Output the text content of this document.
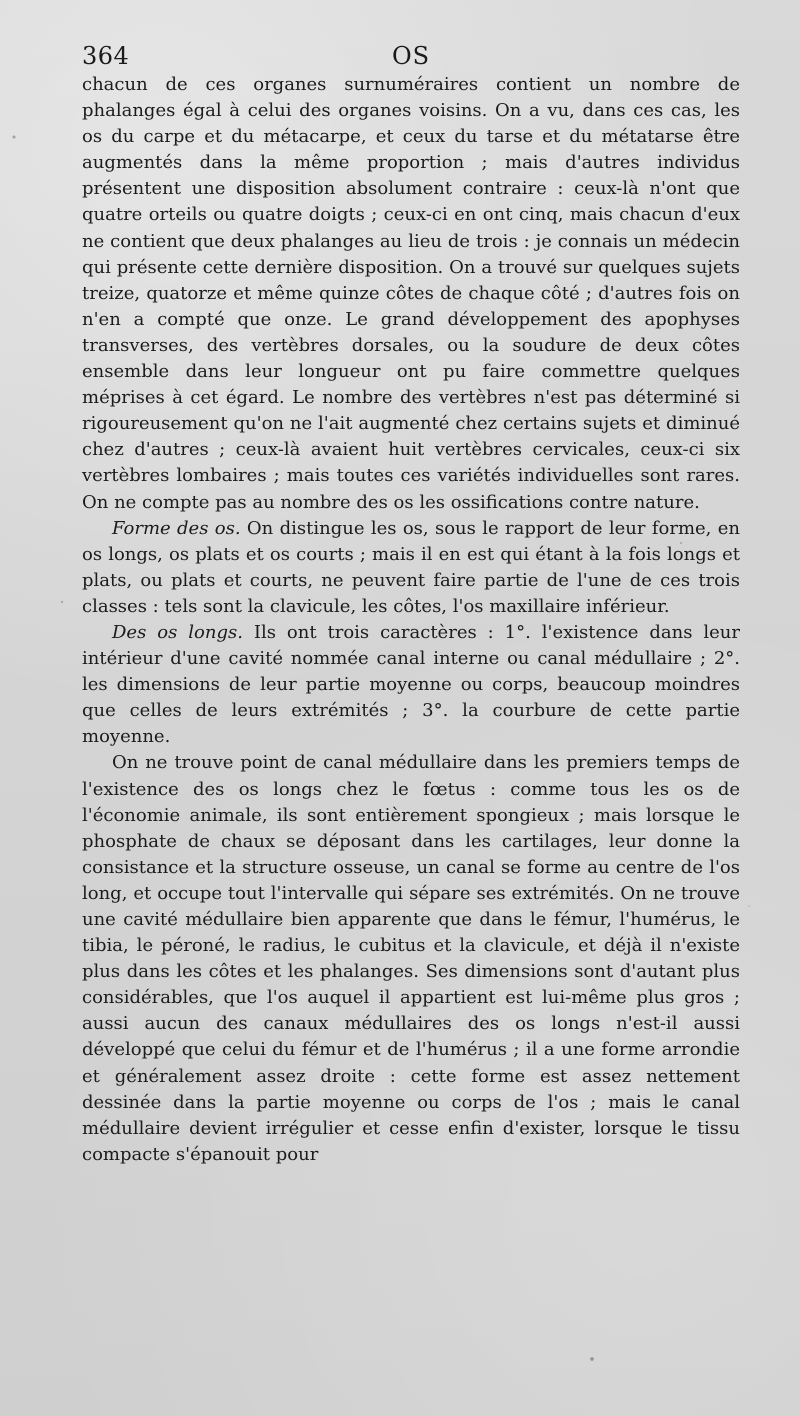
364	OS

chacun de ces organes surnuméraires contient un nombre de phalanges égal à celui des organes voisins. On a vu, dans ces cas, les os du carpe et du métacarpe, et ceux du tarse et du métatarse être augmentés dans la même proportion ; mais d'autres individus présentent une disposition absolument contraire : ceux-là n'ont que quatre orteils ou quatre doigts ; ceux-ci en ont cinq, mais chacun d'eux ne contient que deux phalanges au lieu de trois : je connais un médecin qui présente cette dernière disposition. On a trouvé sur quelques sujets treize, quatorze et même quinze côtes de chaque côté ; d'autres fois on n'en a compté que onze. Le grand développement des apophyses transverses, des vertèbres dorsales, ou la soudure de deux côtes ensemble dans leur longueur ont pu faire commettre quelques méprises à cet égard. Le nombre des vertèbres n'est pas déterminé si rigoureusement qu'on ne l'ait augmenté chez certains sujets et diminué chez d'autres ; ceux-là avaient huit vertèbres cervicales, ceux-ci six vertèbres lombaires ; mais toutes ces variétés individuelles sont rares. On ne compte pas au nombre des os les ossifications contre nature.

Forme des os. On distingue les os, sous le rapport de leur forme, en os longs, os plats et os courts ; mais il en est qui étant à la fois longs et plats, ou plats et courts, ne peuvent faire partie de l'une de ces trois classes : tels sont la clavicule, les côtes, l'os maxillaire inférieur.

Des os longs. Ils ont trois caractères : 1°. l'existence dans leur intérieur d'une cavité nommée canal interne ou canal médullaire ; 2°. les dimensions de leur partie moyenne ou corps, beaucoup moindres que celles de leurs extrémités ; 3°. la courbure de cette partie moyenne.

On ne trouve point de canal médullaire dans les premiers temps de l'existence des os longs chez le fœtus : comme tous les os de l'économie animale, ils sont entièrement spongieux ; mais lorsque le phosphate de chaux se déposant dans les cartilages, leur donne la consistance et la structure osseuse, un canal se forme au centre de l'os long, et occupe tout l'intervalle qui sépare ses extrémités. On ne trouve une cavité médullaire bien apparente que dans le fémur, l'humérus, le tibia, le péroné, le radius, le cubitus et la clavicule, et déjà il n'existe plus dans les côtes et les phalanges. Ses dimensions sont d'autant plus considérables, que l'os auquel il appartient est lui-même plus gros ; aussi aucun des canaux médullaires des os longs n'est-il aussi développé que celui du fémur et de l'humérus ; il a une forme arrondie et généralement assez droite : cette forme est assez nettement dessinée dans la partie moyenne ou corps de l'os ; mais le canal médullaire devient irrégulier et cesse enfin d'exister, lorsque le tissu compacte s'épanouit pour
